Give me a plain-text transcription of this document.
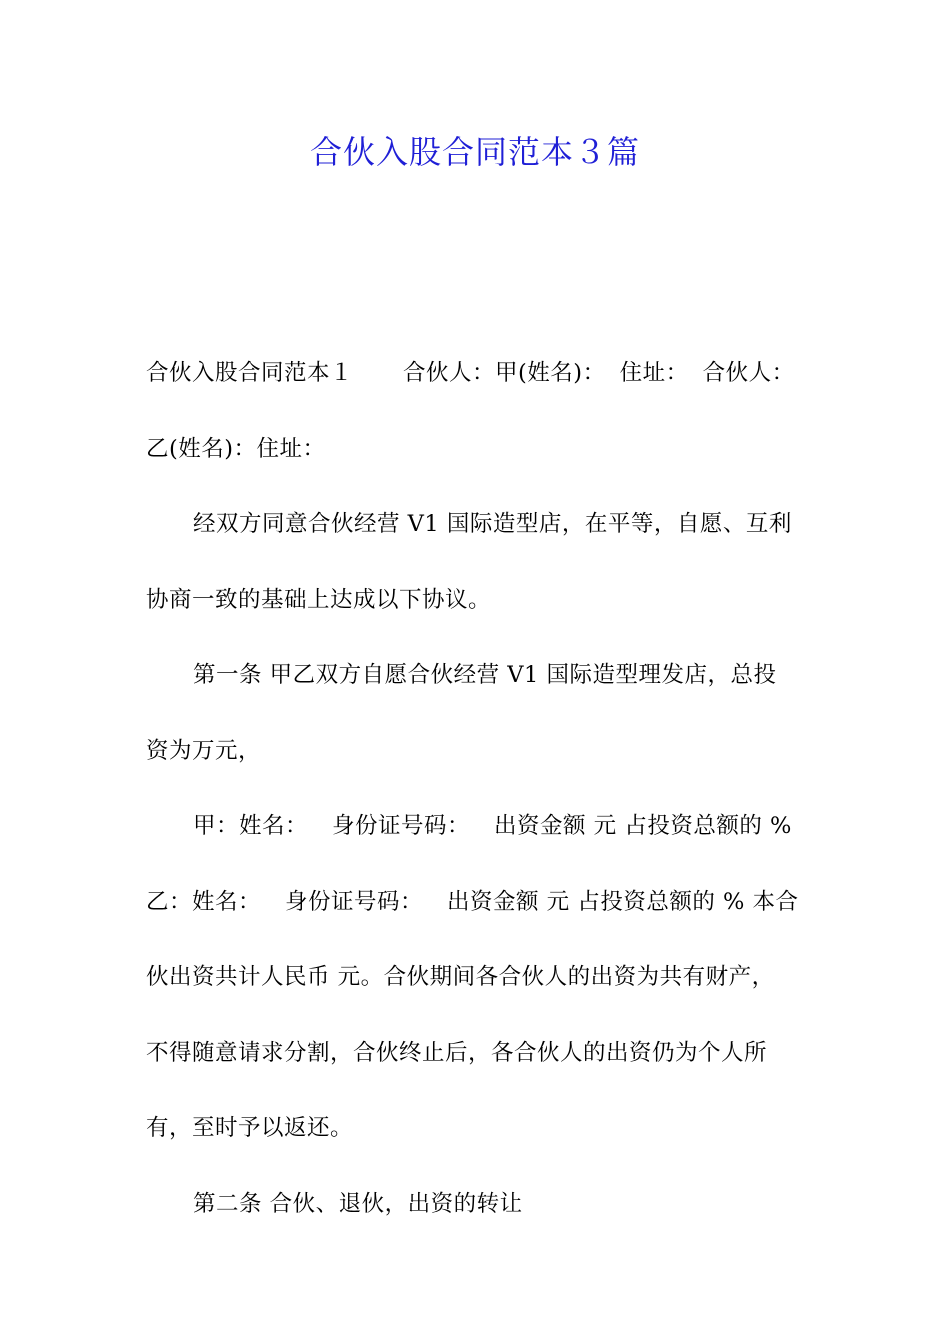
合伙入股合同范本３篇
合伙入股合同范本１ 合伙人：甲(姓名)： 住址： 合伙人：
乙(姓名)：住址：
经双方同意合伙经营 V1 国际造型店，在平等，自愿、互利
协商一致的基础上达成以下协议。
第一条 甲乙双方自愿合伙经营 V1 国际造型理发店，总投
资为万元，
甲：姓名： 身份证号码： 出资金额 元 占投资总额的 %
乙：姓名： 身份证号码： 出资金额 元 占投资总额的 % 本合
伙出资共计人民币 元。合伙期间各合伙人的出资为共有财产，
不得随意请求分割，合伙终止后，各合伙人的出资仍为个人所
有，至时予以返还。
第二条 合伙、退伙，出资的转让
